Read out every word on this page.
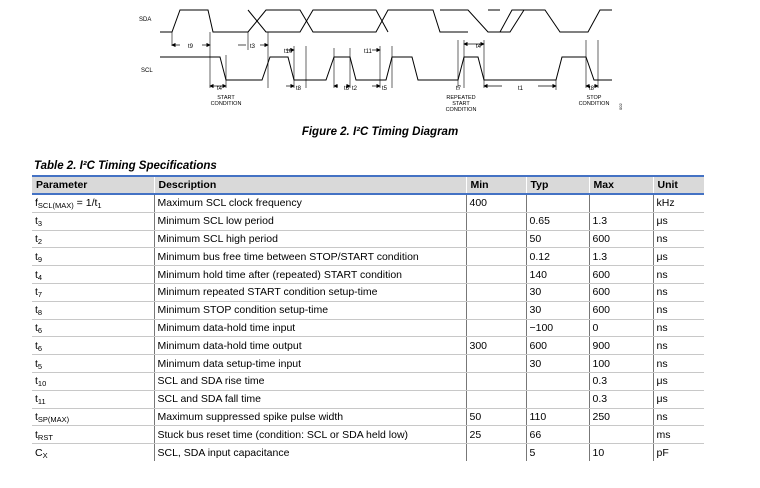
SDA
SCL
t9	t3
t10	t11
t4	t8	t6 t2	t5	t7
t4
t1	t8
START
CONDITION
REPEATED
START
CONDITION
STOP
CONDITION 002
Figure 2. I²C Timing Diagram
Table 2. I²C Timing Specifications
Parameter	Description	Min	Typ	Max	Unit
$f_{SCL(MAX)} = 1/t_1$	Maximum SCL clock frequency	400			kHz
$t_3$	Minimum SCL low period		0.65	1.3	μs
$t_2$	Minimum SCL high period		50	600	ns
$t_9$	Minimum bus free time between STOP/START condition		0.12	1.3	μs
$t_4$	Minimum hold time after (repeated) START condition		140	600	ns
$t_7$	Minimum repeated START condition setup-time		30	600	ns
$t_8$	Minimum STOP condition setup-time		30	600	ns
$t_6$	Minimum data-hold time input		−100	0	ns
$t_6$	Minimum data-hold time output	300	600	900	ns
$t_5$	Minimum data setup-time input		30	100	ns
$t_{10}$	SCL and SDA rise time			0.3	μs
$t_{11}$	SCL and SDA fall time			0.3	μs
$t_{SP(MAX)}$	Maximum suppressed spike pulse width	50	110	250	ns
$t_{RST}$	Stuck bus reset time (condition: SCL or SDA held low)	25	66		ms
$C_X$	SCL, SDA input capacitance		5	10	pF
